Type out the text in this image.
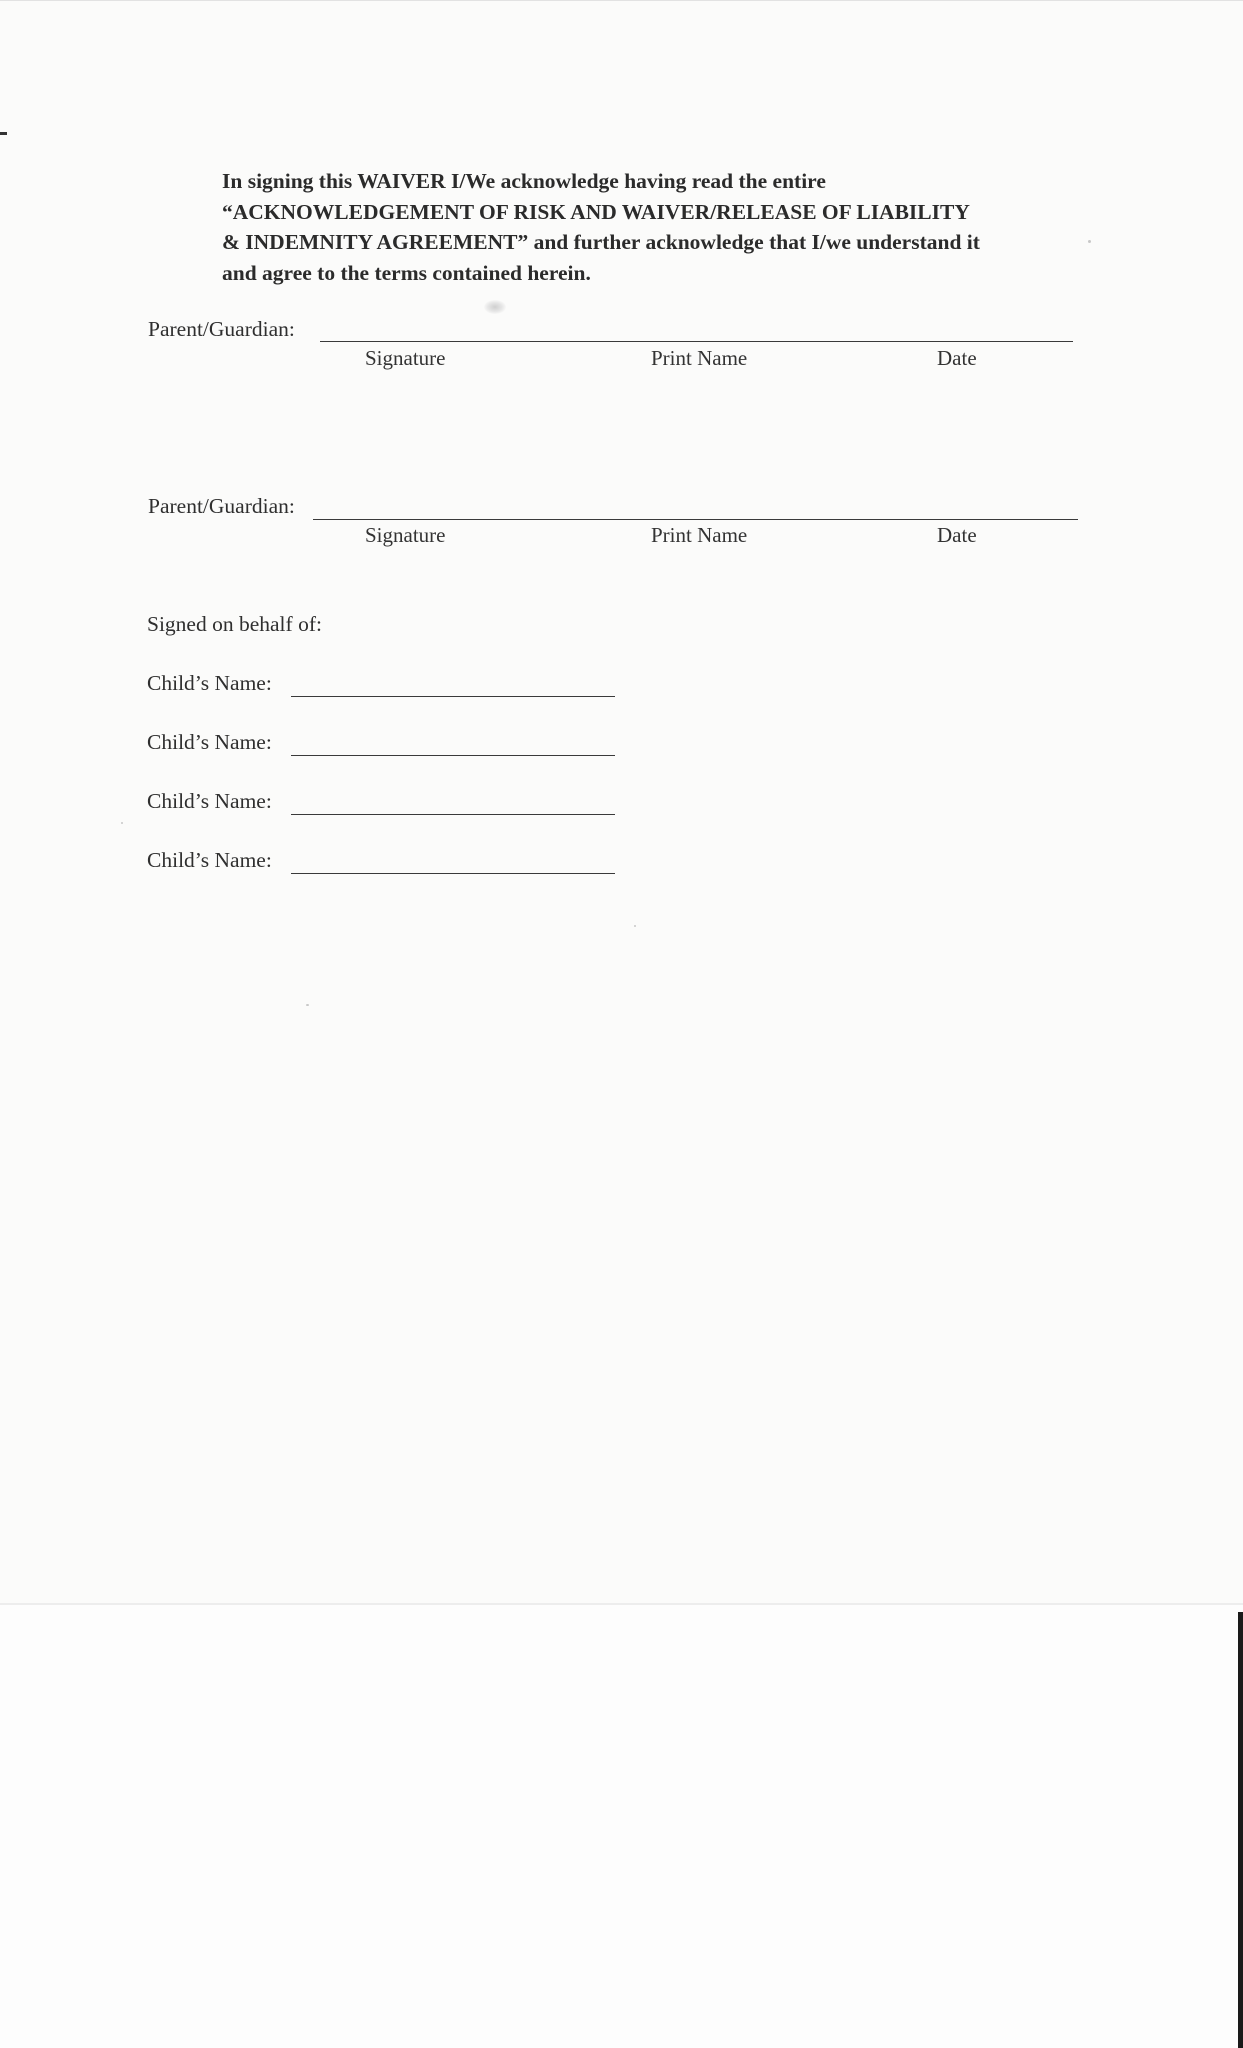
In signing this WAIVER I/We acknowledge having read the entire
“ACKNOWLEDGEMENT OF RISK AND WAIVER/RELEASE OF LIABILITY
& INDEMNITY AGREEMENT” and further acknowledge that I/we understand it
and agree to the terms contained herein.
Parent/Guardian:
Signature	Print Name	Date
Parent/Guardian:
Signature	Print Name	Date
Signed on behalf of:
Child’s Name:
Child’s Name:
Child’s Name:
Child’s Name:
